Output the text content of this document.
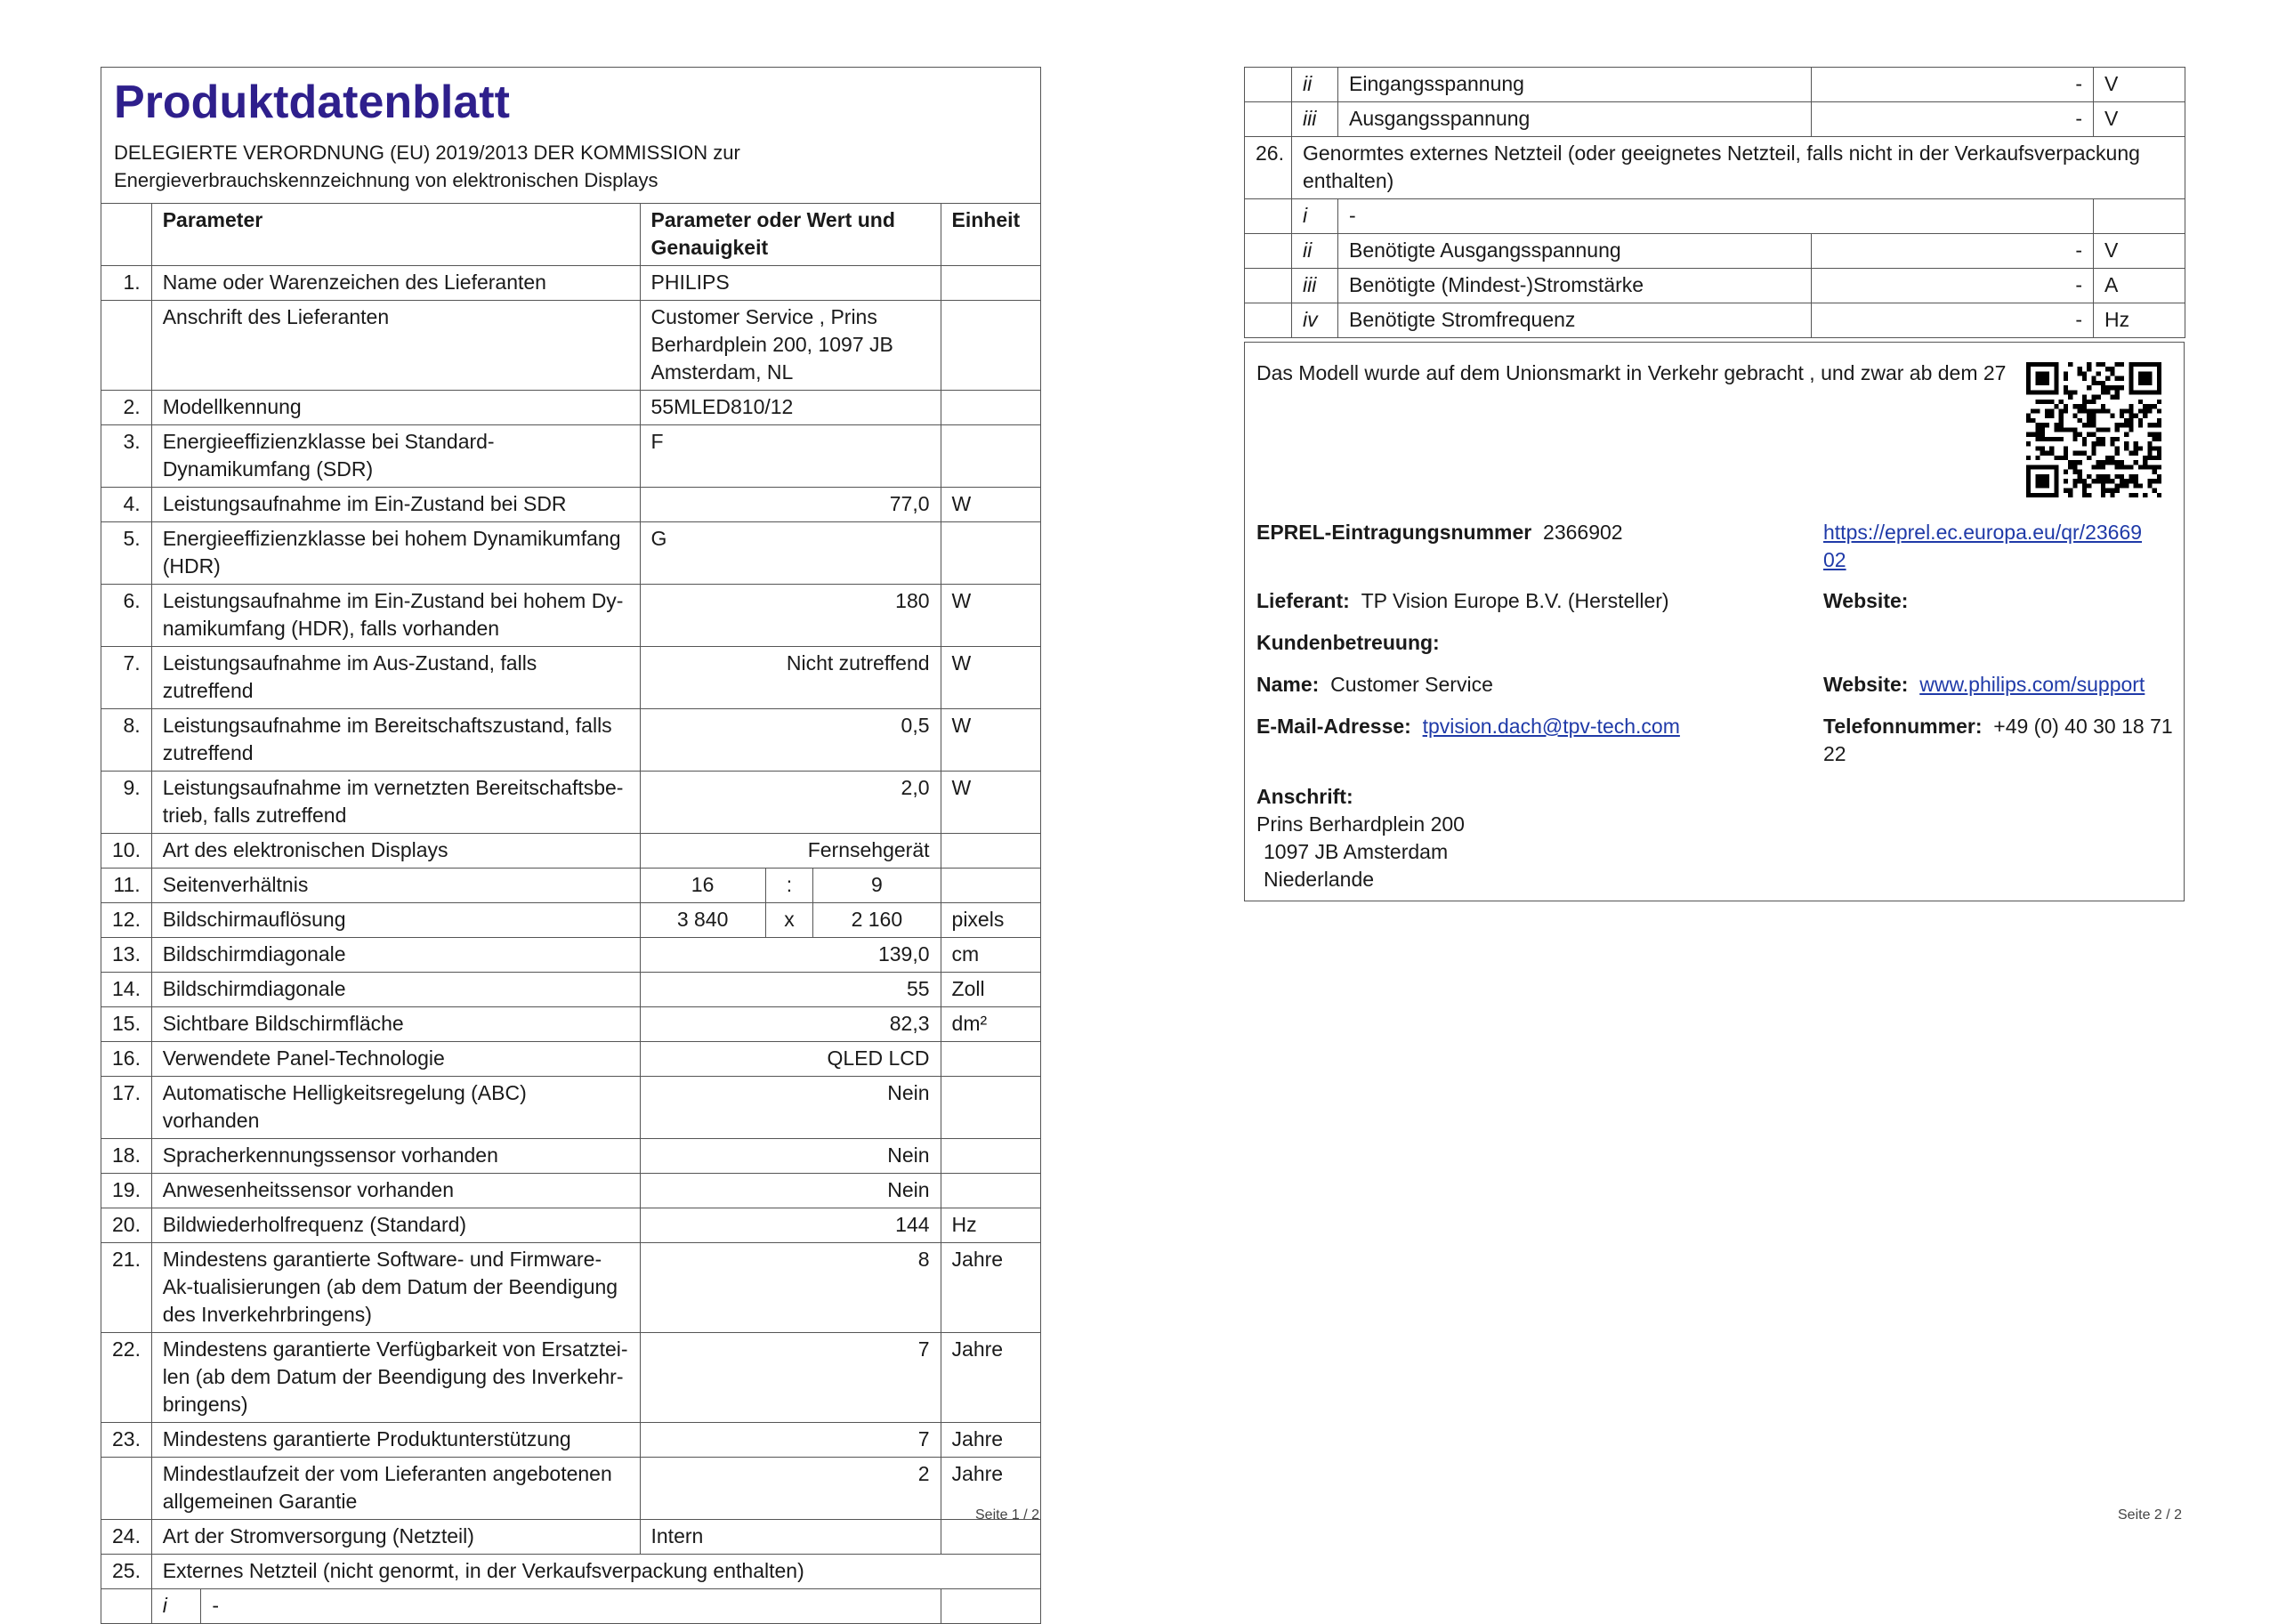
Produktdatenblatt
DELEGIERTE VERORDNUNG (EU) 2019/2013 DER KOMMISSION zur
Energieverbrauchskennzeichnung von elektronischen Displays						

	Parameter		Parameter oder Wert und Genauigkeit			Einheit
1.	Name oder Warenzeichen des Lieferanten		PHILIPS			
	Anschrift des Lieferanten		Customer Service , Prins Berhardplein 200, 1097 JB Amsterdam, NL			
2.	Modellkennung		55MLED810/12			
3.	Energieeffizienzklasse bei Standard-Dynamikumfang (SDR)		F			
4.	Leistungsaufnahme im Ein-Zustand bei SDR		77,0			W
5.	Energieeffizienzklasse bei hohem Dynamikumfang (HDR)		G			
6.	Leistungsaufnahme im Ein-Zustand bei hohem Dy-namikumfang (HDR), falls vorhanden		180			W
7.	Leistungsaufnahme im Aus-Zustand, falls zutreffend		Nicht zutreffend			W
8.	Leistungsaufnahme im Bereitschaftszustand, falls zutreffend		0,5			W
9.	Leistungsaufnahme im vernetzten Bereitschaftsbe-trieb, falls zutreffend		2,0			W
10.	Art des elektronischen Displays		Fernsehgerät			
11.	Seitenverhältnis		16	:	9	
12.	Bildschirmauflösung		3 840	x	2 160	pixels
13.	Bildschirmdiagonale		139,0			cm
14.	Bildschirmdiagonale		55			Zoll
15.	Sichtbare Bildschirmfläche		82,3			dm²
16.	Verwendete Panel-Technologie		QLED LCD			
17.	Automatische Helligkeitsregelung (ABC) vorhanden		Nein			
18.	Spracherkennungssensor vorhanden		Nein			
19.	Anwesenheitssensor vorhanden		Nein			
20.	Bildwiederholfrequenz (Standard)		144			Hz
21.	Mindestens garantierte Software- und Firmware-Ak-tualisierungen (ab dem Datum der Beendigung des Inverkehrbringens)		8			Jahre
22.	Mindestens garantierte Verfügbarkeit von Ersatztei-len (ab dem Datum der Beendigung des Inverkehr-bringens)		7			Jahre
23.	Mindestens garantierte Produktunterstützung		7			Jahre
	Mindestlaufzeit der vom Lieferanten angebotenen allgemeinen Garantie		2			Jahre
24.	Art der Stromversorgung (Netzteil)		Intern			
25.	Externes Netzteil (nicht genormt, in der Verkaufsverpackung enthalten)					
	i	-				
Seite 1 / 2
	ii	Eingangsspannung	-	V
	iii	Ausgangsspannung	-	V
26.	Genormtes externes Netzteil (oder geeignetes Netzteil, falls nicht in der Verkaufsverpackung enthalten)			
	i	-		
	ii	Benötigte Ausgangsspannung	-	V
	iii	Benötigte (Mindest-)Stromstärke	-	A
	iv	Benötigte Stromfrequenz	-	Hz
Das Modell wurde auf dem Unionsmarkt in Verkehr gebracht , und zwar ab dem 27
EPREL-Eintragungsnummer 2366902	https://eprel.ec.europa.eu/qr/2366902
Lieferant: TP Vision Europe B.V. (Hersteller)	Website:
Kundenbetreuung:
Name: Customer Service	Website: www.philips.com/support
E-Mail-Adresse: tpvision.dach@tpv-tech.com	Telefonnummer: +49 (0) 40 30 18 71 22
Anschrift:
Prins Berhardplein 200
1097 JB Amsterdam
Niederlande
Seite 2 / 2
